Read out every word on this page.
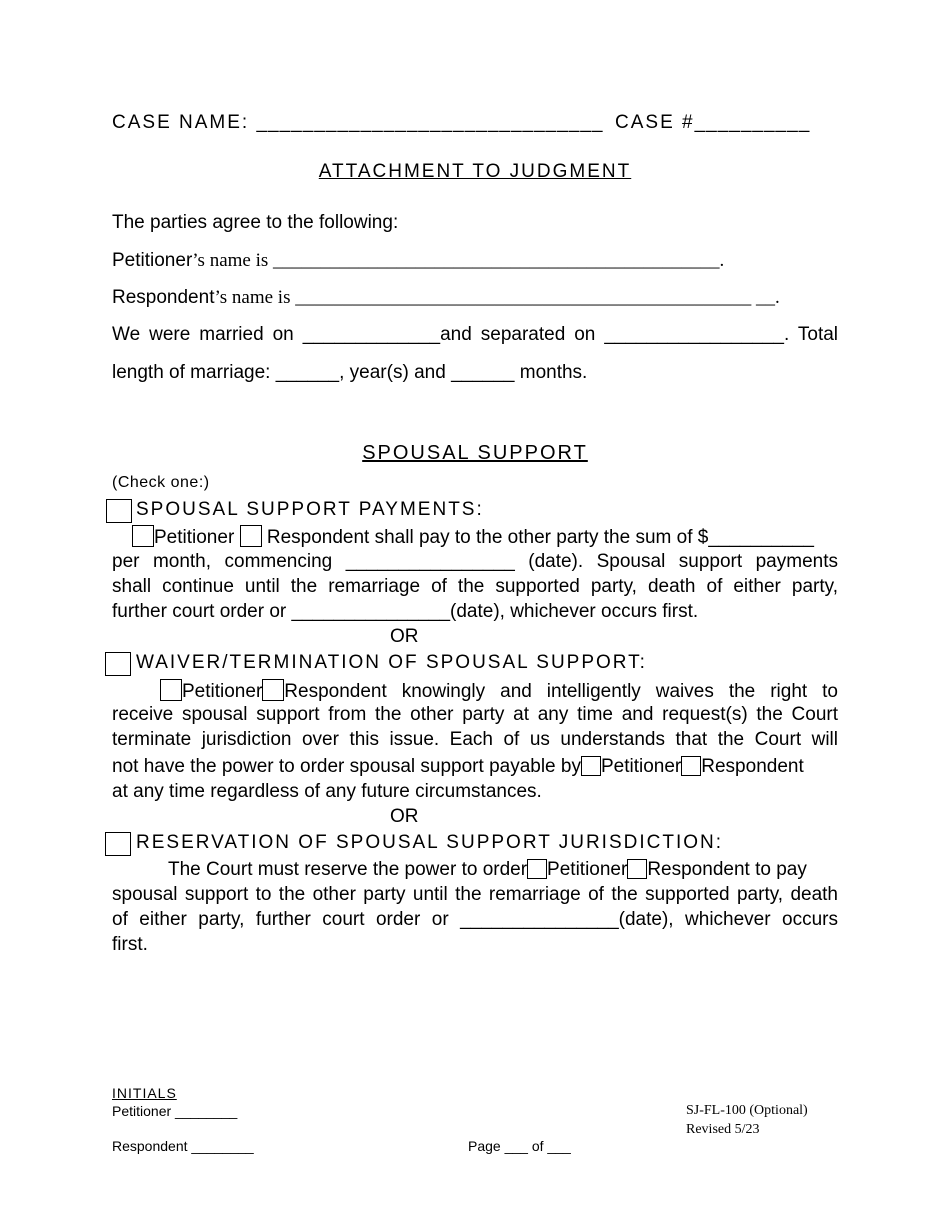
CASE NAME: ______________________________ CASE #__________
ATTACHMENT TO JUDGMENT
The parties agree to the following:
Petitioner’s name is _______________________________________________.
Respondent’s name is ________________________________________________ __.
We were married on _____________and separated on _________________. Total
length of marriage: ______, year(s) and ______ months.
SPOUSAL SUPPORT
(Check one:)
SPOUSAL SUPPORT PAYMENTS:
Petitioner Respondent shall pay to the other party the sum of $__________
per month, commencing ________________ (date). Spousal support payments
shall continue until the remarriage of the supported party, death of either party,
further court order or _______________(date), whichever occurs first.
OR
WAIVER/TERMINATION OF SPOUSAL SUPPORT:
Petitioner Respondent knowingly and intelligently waives the right to
receive spousal support from the other party at any time and request(s) the Court
terminate jurisdiction over this issue. Each of us understands that the Court will
not have the power to order spousal support payable by Petitioner Respondent
at any time regardless of any future circumstances.
OR
RESERVATION OF SPOUSAL SUPPORT JURISDICTION:
The Court must reserve the power to order Petitioner Respondent to pay
spousal support to the other party until the remarriage of the supported party, death
of either party, further court order or _______________(date), whichever occurs
first.
INITIALS
Petitioner ________
Respondent ________	Page ___ of ___
SJ-FL-100 (Optional)
Revised 5/23
